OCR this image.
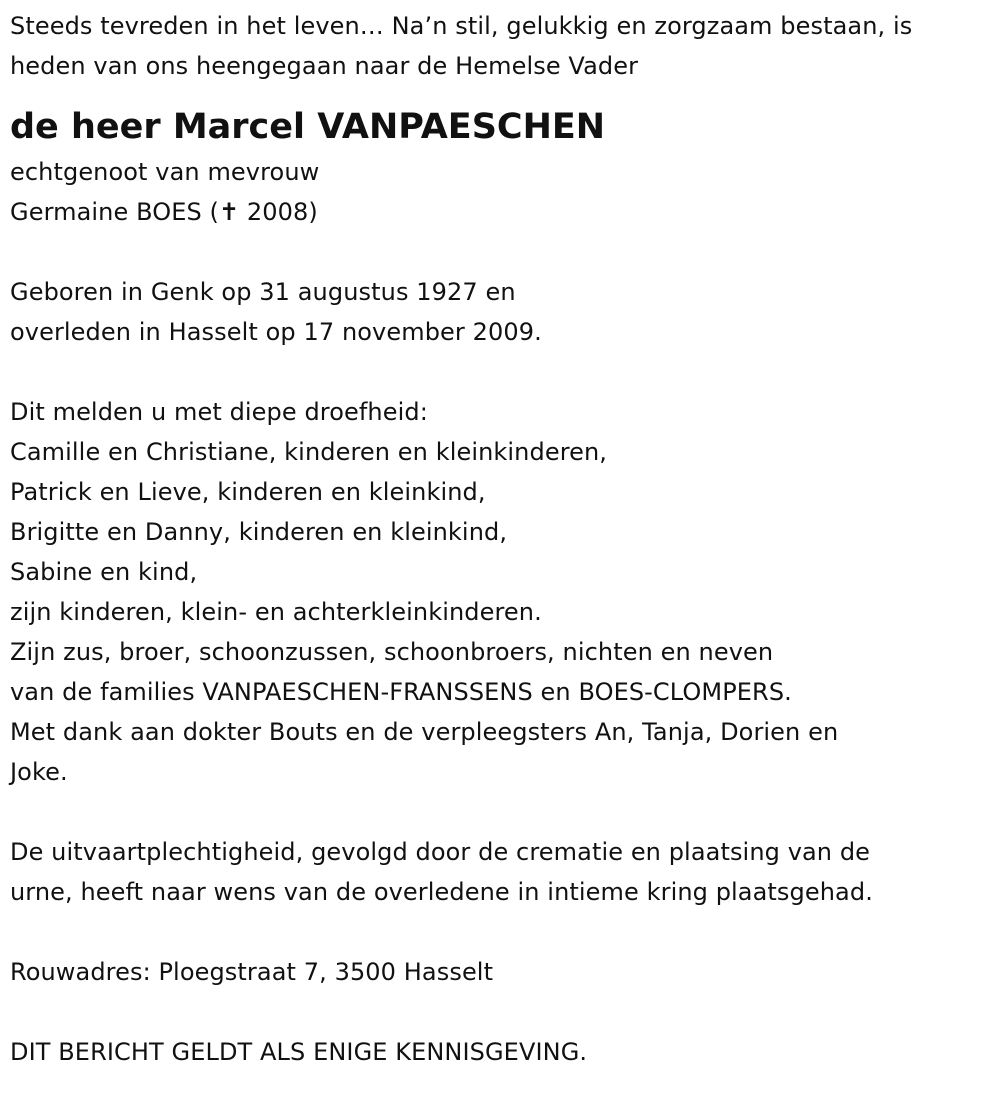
Steeds tevreden in het leven… Na’n stil, gelukkig en zorgzaam bestaan, is
heden van ons heengegaan naar de Hemelse Vader
de heer Marcel VANPAESCHEN
echtgenoot van mevrouw
Germaine BOES (✝ 2008)
Geboren in Genk op 31 augustus 1927 en
overleden in Hasselt op 17 november 2009.
Dit melden u met diepe droefheid:
Camille en Christiane, kinderen en kleinkinderen,
Patrick en Lieve, kinderen en kleinkind,
Brigitte en Danny, kinderen en kleinkind,
Sabine en kind,
zijn kinderen, klein- en achterkleinkinderen.
Zijn zus, broer, schoonzussen, schoonbroers, nichten en neven
van de families VANPAESCHEN-FRANSSENS en BOES-CLOMPERS.
Met dank aan dokter Bouts en de verpleegsters An, Tanja, Dorien en
Joke.
De uitvaartplechtigheid, gevolgd door de crematie en plaatsing van de
urne, heeft naar wens van de overledene in intieme kring plaatsgehad.
Rouwadres: Ploegstraat 7, 3500 Hasselt
DIT BERICHT GELDT ALS ENIGE KENNISGEVING.
